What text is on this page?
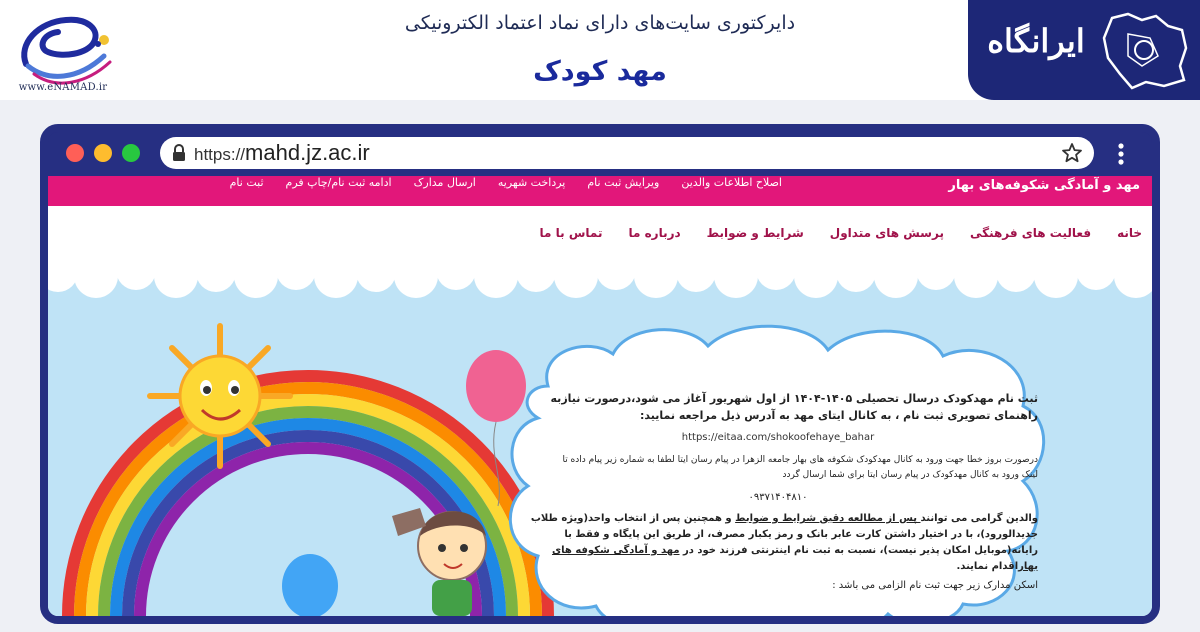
www.eNAMAD.ir
دایرکتوری سایت‌های دارای نماد اعتماد الکترونیکی
مهد کودک
ایرانگاه
https://mahd.jz.ac.ir
مهد و آمادگی شکوفه‌های بهار
اصلاح اطلاعات والدین
ویرایش ثبت نام
پرداخت شهریه
ارسال مدارک
ادامه ثبت نام/چاپ فرم
ثبت نام
خانه
فعالیت های فرهنگی
پرسش های متداول
شرایط و ضوابط
درباره ما
تماس با ما
ثبت نام مهدکودک درسال تحصیلی ۱۴۰۵-۱۴۰۴ از اول شهریور آغاز می شود،درصورت نیازبه راهنمای تصویری ثبت نام ، به کانال ایتای مهد به آدرس ذیل مراجعه نمایید:
https://eitaa.com/shokoofehaye_bahar
درصورت بروز خطا جهت ورود به کانال مهدکودک شکوفه های بهار جامعه الزهرا در پیام رسان ایتا لطفا به شماره زیر پیام داده تا لینک ورود به کانال مهدکودک در پیام رسان ایتا برای شما ارسال گردد
۰۹۳۷۱۴۰۴۸۱۰
والدین گرامی می توانند پس از مطالعه دقیق شرایط و ضوابط و همچنین پس از انتخاب واحد(ویژه طلاب جدیدالورود)، با در اختیار داشتن کارت عابر بانک و رمز یکبار مصرف، از طریق این پایگاه و فقط با رایانه(موبایل امکان پذیر نیست)، نسبت به ثبت نام اینترنتی فرزند خود در مهد و آمادگی شکوفه های بهاراقدام نمایند.
اسکن مدارک زیر جهت ثبت نام الزامی می باشد :
